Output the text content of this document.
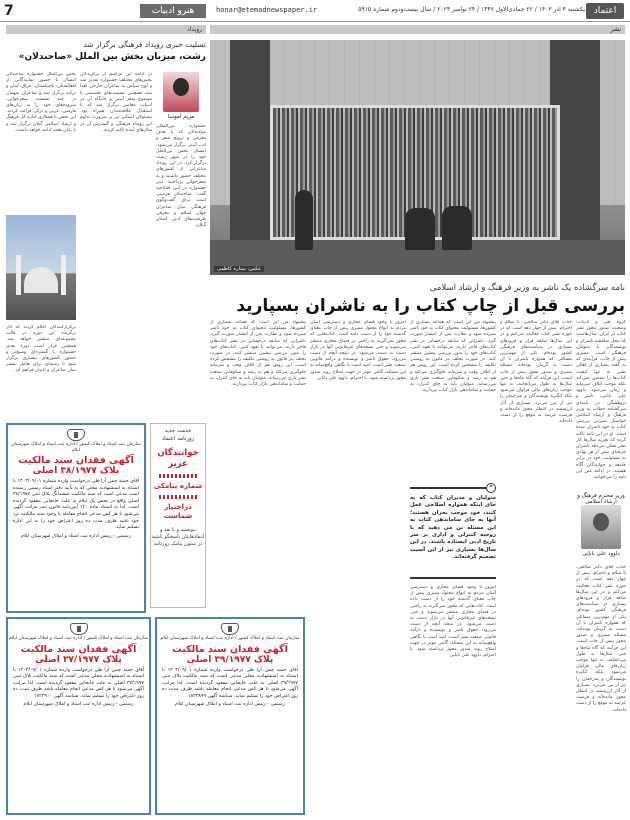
7	هنرو ادبیات	honar@etemadnewspaper.ir	یکشنبه ۴ آذر ۱۴۰۳ / ۲۲ جمادی‌الاول ۱۴۴۶ / ۲۴ نوامبر ۲۰۲۴ / سال بیست‌ودوم شماره ۵۹۱۵ اعتماد
رویداد	نشر
عکس: ستاره کاظمی
نامه سرگشاده یک ناشر به وزیر فرهنگ و ارشاد اسلامی
بررسی قبل از چاپ کتاب را به ناشران بسپارید
گروه هنر و ادبیات: وضعیت صدور مجوز نشر کتاب در ایران، سال‌هاست که محل مناقشه ناشران و نویسندگان با متولیان فرهنگی است. ممیزی پیش از چاپ، فرآیندی که به گفته بسیاری از اهالی نشر، نه تنها کیفیت کتاب‌ها را تضمین نمی‌کند بلکه موجب اتلاف سرمایه و زمان می‌شود. داوود علی بابایی، ناشر و پژوهشگر، در نامه‌ای سرگشاده خطاب به وزیر فرهنگ و ارشاد اسلامی خواستار سپردن بررسی کتاب به خود ناشران شده است. او در این نامه تاکید کرده که تجربه سال‌ها کار نشر نشان می‌دهد ناشران حرفه‌ای بیش از هر نهادی به مسئولیت خود در برابر جامعه و خوانندگان آگاه هستند. در ادامه متن این نامه را می‌خوانید.
وزیر محترم فرهنگ و ارشاد اسلامی
داوود علی بابایی
جناب آقای دکتر صالحی، با سلام و احترام. بیش از چهار دهه است که در حوزه نشر کتاب فعالیت می‌کنم و در این سال‌ها شاهد فراز و فرودهای بسیاری در سیاست‌های فرهنگی کشور بوده‌ام. یکی از مهم‌ترین مسائلی که همواره ناشران با آن دست به گریبان بوده‌اند، مسئله ممیزی و صدور مجوز پیش از چاپ است. این فرآیند که گاه ماه‌ها و حتی سال‌ها به طول می‌انجامد، نه تنها موجب زیان‌های مالی فراوان می‌شود بلکه انگیزه نویسندگان و مترجمان را نیز از بین می‌برد. بسیاری از آثار ارزشمند در انتظار مجوز مانده‌اند و فرصت عرضه به موقع را از دست داده‌اند.
جناب آقای دکتر صالحی، با سلام و احترام. بیش از چهار دهه است که در حوزه نشر کتاب فعالیت می‌کنم و در این سال‌ها شاهد فراز و فرودهای بسیاری در سیاست‌های فرهنگی کشور بوده‌ام. یکی از مهم‌ترین مسائلی که همواره ناشران با آن دست به گریبان بوده‌اند، مسئله ممیزی و صدور مجوز پیش از چاپ است. این فرآیند که گاه ماه‌ها و حتی سال‌ها به طول می‌انجامد، نه تنها موجب زیان‌های مالی فراوان می‌شود بلکه انگیزه نویسندگان و مترجمان را نیز از بین می‌برد. بسیاری از آثار ارزشمند در انتظار مجوز مانده‌اند و فرصت عرضه به موقع را از دست داده‌اند.
پیشنهاد من این است که همانند بسیاری از کشورها، مسئولیت محتوای کتاب به خود ناشر سپرده شود و نظارت پس از انتشار صورت گیرد. ناشرانی که سابقه درخشانی در نشر کتاب‌های فاخر دارند، می‌توانند با تعهد کتبی، کتاب‌های خود را بدون بررسی پیشین منتشر کنند. در صورت تخلف نیز قانون به روشنی تکلیف را مشخص کرده است. این روش هم از اتلاف وقت و سرمایه جلوگیری می‌کند و هم به رشد و شکوفایی صنعت نشر یاری می‌رساند. متولیان باید به جای کنترل، به حمایت و ساماندهی بازار کتاب بپردازند.
"
متولیان و مدیران کتاب که به جای اینکه همواره اصلاحی عمل کنند، خود موجب بحران هستند؛ آنها به جای ساماندهی کتاب به این مسئله تن می دهند که با روحیه کنترلی و اداری بر سر تاریخ ادبی ایستاده باشند. در این سال‌ها بسیاری نیز از این آسیب تصمیم گرفته‌اند.
امروز با وجود فضای مجازی و دسترسی آسان مردم به انواع محتوا، ممیزی پیش از چاپ معنای گذشته خود را از دست داده است. کتاب‌هایی که مجوز نمی‌گیرند به راحتی در فضای مجازی منتشر می‌شوند و حتی نسخه‌های غیرقانونی آنها در بازار دست به دست می‌شود. در نتیجه آنچه از دست می‌رود، حقوق ناشر و نویسنده و درآمد قانونی صنعت نشر است. امید است با نگاهی واقع‌بینانه به این مسئله، گامی موثر در جهت اصلاح روند صدور مجوز برداشته شود. با احترام، داوود علی بابایی
امروز با وجود فضای مجازی و دسترسی آسان مردم به انواع محتوا، ممیزی پیش از چاپ معنای گذشته خود را از دست داده است. کتاب‌هایی که مجوز نمی‌گیرند به راحتی در فضای مجازی منتشر می‌شوند و حتی نسخه‌های غیرقانونی آنها در بازار دست به دست می‌شود. در نتیجه آنچه از دست می‌رود، حقوق ناشر و نویسنده و درآمد قانونی صنعت نشر است. امید است با نگاهی واقع‌بینانه به این مسئله، گامی موثر در جهت اصلاح روند صدور مجوز برداشته شود. با احترام، داوود علی بابایی
پیشنهاد من این است که همانند بسیاری از کشورها، مسئولیت محتوای کتاب به خود ناشر سپرده شود و نظارت پس از انتشار صورت گیرد. ناشرانی که سابقه درخشانی در نشر کتاب‌های فاخر دارند، می‌توانند با تعهد کتبی، کتاب‌های خود را بدون بررسی پیشین منتشر کنند. در صورت تخلف نیز قانون به روشنی تکلیف را مشخص کرده است. این روش هم از اتلاف وقت و سرمایه جلوگیری می‌کند و هم به رشد و شکوفایی صنعت نشر یاری می‌رساند. متولیان باید به جای کنترل، به حمایت و ساماندهی بازار کتاب بپردازند.
تسلیت خبری رویداد فرهنگی برگزار شد
رشت، میزبان بخش بین الملل «صاحبدلان»
مریم آموسا
جشنواره بین‌المللی صاحبدلان که با هدف معرفی و ترویج شعر و ادب آیینی برگزار می‌شود، امسال بخش بین‌الملل خود را در شهر رشت برگزار کرد. در این رویداد شاعرانی از کشورهای مختلف حضور داشتند و به شعرخوانی پرداختند. دبیر جشنواره در آیین افتتاحیه گفت: صاحبدلان فرصتی است برای گفت‌وگوی فرهنگی میان شاعران جهان اسلام و معرفی ظرفیت‌های ادبی استان گیلان.
در ادامه این مراسم از برگزیدگان بخش‌های مختلف جشنواره تقدیر شد و لوح سپاس به شاعران خارجی اهدا شد. همچنین نشست‌های تخصصی با موضوع شعر آیینی و جایگاه آن در ادبیات معاصر برگزار شد که با استقبال علاقه‌مندان همراه بود. مسئولان استانی نیز بر ضرورت تداوم این رویداد فرهنگی و گسترش آن در سال‌های آینده تاکید کردند.
بخش بین‌الملل جشنواره صاحبدلان امسال با حضور نمایندگانی از افغانستان، تاجیکستان، عراق، لبنان و ترکیه برگزار شد و شاعران میهمان در چند نشست شعرخوانی، سروده‌های خود را به زبان‌های فارسی، عربی و ترکی قرائت کردند. این بخش با همکاری اداره کل فرهنگ و ارشاد اسلامی گیلان برگزار شد و تا پایان هفته ادامه خواهد داشت.
برگزارکنندگان اعلام کردند که آثار برگزیده این دوره در قالب مجموعه‌ای منتشر خواهد شد. همچنین قرار است دوره بعدی جشنواره با گستره‌ای وسیع‌تر و حضور کشورهای بیشتری برگزار شود تا زمینه‌ای برای تعامل بیشتر میان شاعران و ادیبان فراهم آید.
خدمت جدید
روزنامه اعتماد
خوانندگان عزیز
شماره پیامکی
دراختیار شماست
بنویسید و با نقد و انتقادهایتان پاسخگو باشید در ستون پیامک روزنامه
سازمان ثبت اسناد و املاک کشور / اداره ثبت اسناد و املاک شهرستان ایلام
آگهی فقدان سند مالکیت
پلاک ۳۸/۱۹۷۷ اصلی
آقای حمید چمن آرا طی درخواست وارده شماره ۱۴۰۳/۰۹/۰۱ با استناد به استشهادیه محلی که به تأیید دفتر اسناد رسمی رسیده است مدعی است که سند مالکیت ششدانگ پلاک ثبتی ۳۸/۱۹۷۷ اصلی واقع در بخش یک ایلام به علت جابجایی مفقود گردیده است. لذا به استناد ماده ۱۲۰ آیین‌نامه قانون ثبت مراتب آگهی می‌شود تا هر کس مدعی انجام معامله یا وجود سند مالکیت نزد خود باشد ظرف مدت ده روز اعتراض خود را به این اداره تسلیم نماید.
رستمی - رییس اداره ثبت اسناد و املاک شهرستان ایلام
سازمان ثبت اسناد و املاک کشور / اداره ثبت اسناد و املاک شهرستان ایلام
آگهی فقدان سند مالکیت
پلاک ۳۷/۱۹۷۷ اصلی
آقای حمید چمن آرا طی درخواست وارده شماره ۱۴۰۳/۰۹/۰۱ با استناد به استشهادیه محلی مدعی است که سند مالکیت پلاک ثبتی ۳۷/۱۹۷۷ اصلی به علت جابجایی مفقود گردیده است. لذا مراتب آگهی می‌شود تا هر کس مدعی انجام معامله باشد ظرف مدت ده روز اعتراض خود را تسلیم نماید. شناسه آگهی ۱۸۲۳۹۰۰
رستمی - رییس اداره ثبت اسناد و املاک شهرستان ایلام
سازمان ثبت اسناد و املاک کشور / اداره ثبت اسناد و املاک شهرستان ایلام
آگهی فقدان سند مالکیت
پلاک ۳۹/۱۹۷۷ اصلی
آقای حمید چمن آرا طی درخواست وارده شماره ۱۴۰۳/۰۹/۰۱ با استناد به استشهادیه محلی مدعی است که سند مالکیت پلاک ثبتی ۳۹/۱۹۷۷ اصلی به علت جابجایی مفقود گردیده است. لذا مراتب آگهی می‌شود تا هر کس مدعی انجام معامله باشد ظرف مدت ده روز اعتراض خود را تسلیم نماید. شناسه آگهی ۱۸۲۳۸۹۹
رستمی - رییس اداره ثبت اسناد و املاک شهرستان ایلام
